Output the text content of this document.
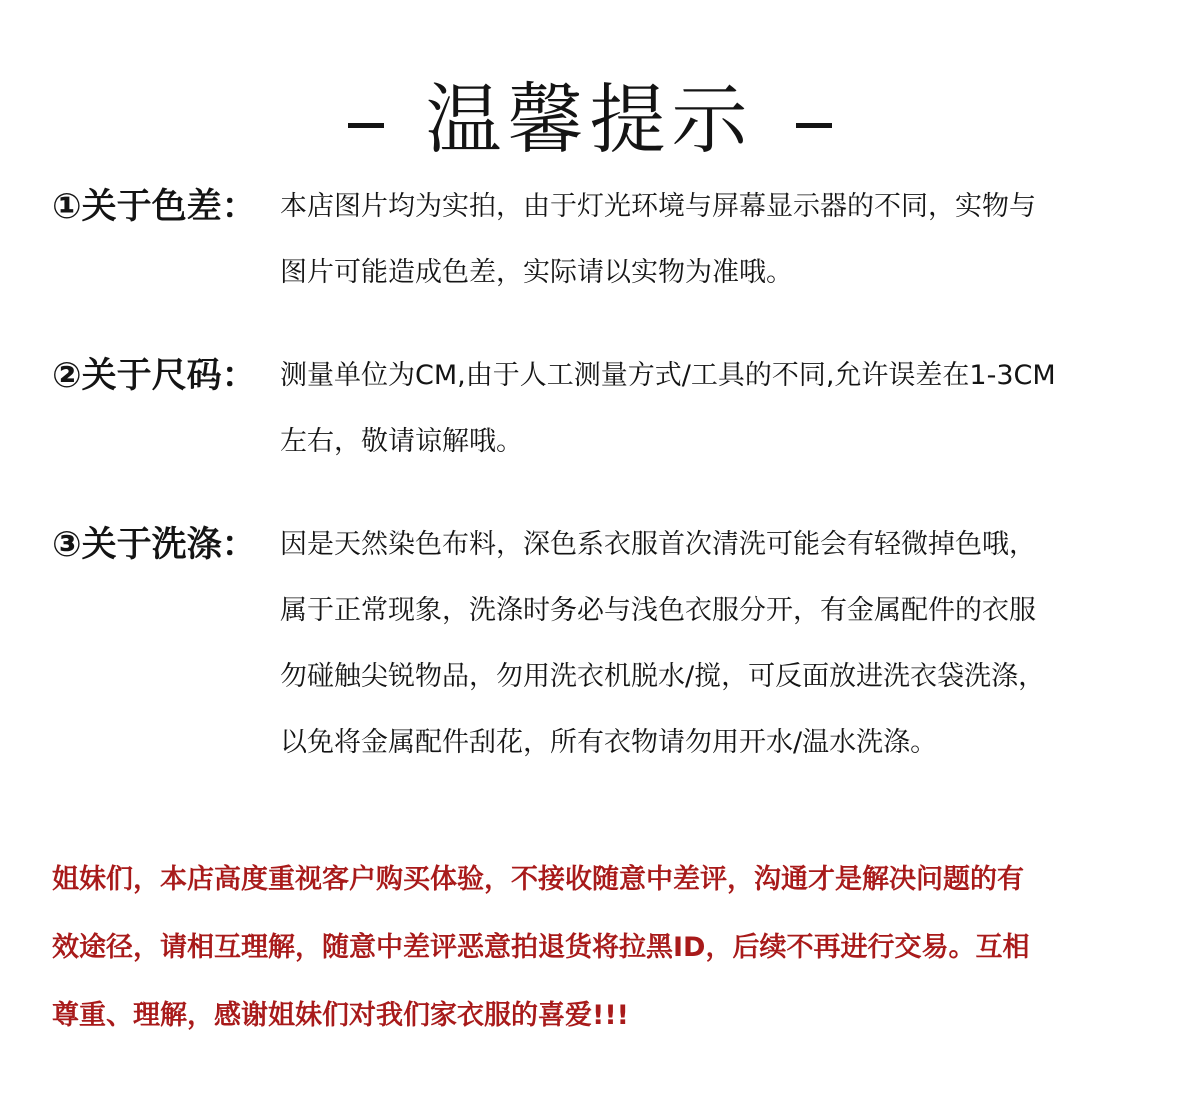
温馨提示
①关于色差： 本店图片均为实拍，由于灯光环境与屏幕显示器的不同，实物与

图片可能造成色差，实际请以实物为准哦。

②关于尺码： 测量单位为CM,由于人工测量方式/工具的不同,允许误差在1-3CM

左右，敬请谅解哦。

③关于洗涤： 因是天然染色布料，深色系衣服首次清洗可能会有轻微掉色哦，

属于正常现象，洗涤时务必与浅色衣服分开，有金属配件的衣服

勿碰触尖锐物品，勿用洗衣机脱水/搅，可反面放进洗衣袋洗涤，

以免将金属配件刮花，所有衣物请勿用开水/温水洗涤。

姐妹们，本店高度重视客户购买体验，不接收随意中差评，沟通才是解决问题的有

效途径，请相互理解，随意中差评恶意拍退货将拉黑ID，后续不再进行交易。互相

尊重、理解，感谢姐妹们对我们家衣服的喜爱!!!
